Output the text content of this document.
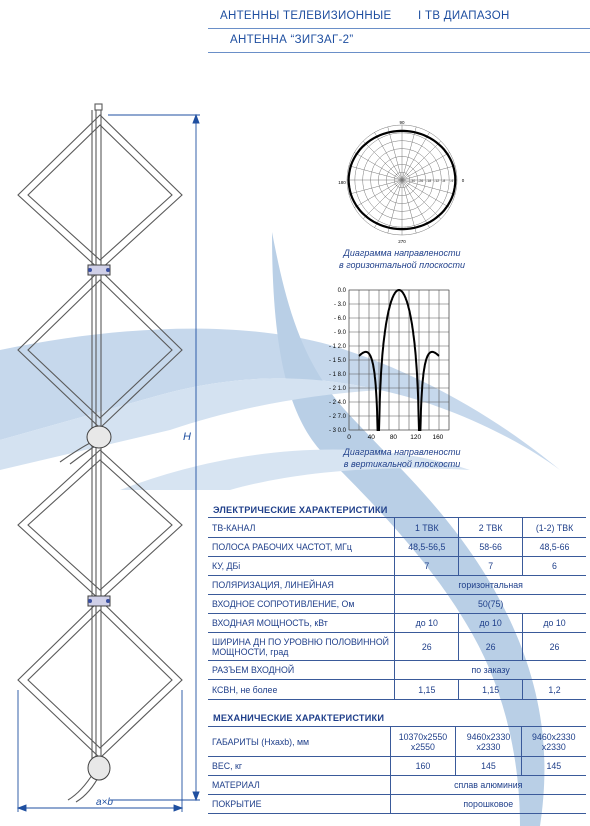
АНТЕННЫ ТЕЛЕВИЗИОННЫЕ I ТВ ДИАПАЗОН
АНТЕННА “ЗИГЗАГ-2”
H
a×b
90
180
270
0
-30 -26 -18 -12 -8 -4
Диаграмма направлености
в горизонтальной плоскости
0.0
- 3.0
- 6.0
- 9.0
- 1 2.0
- 1 5.0
- 1 8.0
- 2 1.0
- 2 4.0
- 2 7.0
- 3 0.0
0	40 80 120 160
Диаграмма направлености
в вертикальной плоскости
ЭЛЕКТРИЧЕСКИЕ ХАРАКТЕРИСТИКИ
ТВ-КАНАЛ	1 ТВК	2 ТВК	(1-2) ТВК
ПОЛОСА РАБОЧИХ ЧАСТОТ, МГц	48,5-56,5	58-66	48,5-66
КУ, ДБі	7	7	6
ПОЛЯРИЗАЦИЯ, ЛИНЕЙНАЯ	горизонтальная		
ВХОДНОЕ СОПРОТИВЛЕНИЕ, Ом	50(75)		
ВХОДНАЯ МОЩНОСТЬ, кВт	до 10	до 10	до 10
ШИРИНА ДН ПО УРОВНЮ ПОЛОВИННОЙ МОЩНОСТИ, град	26	26	26
РАЗЪЕМ ВХОДНОЙ	по заказу		
КСВН, не более	1,15	1,15	1,2
МЕХАНИЧЕСКИЕ ХАРАКТЕРИСТИКИ
ГАБАРИТЫ (Hxaxb), мм	10370x2550 x2550	9460x2330 x2330	9460x2330 x2330
ВЕС, кг	160	145	145
МАТЕРИАЛ	сплав алюминия		
ПОКРЫТИЕ	порошковое		
